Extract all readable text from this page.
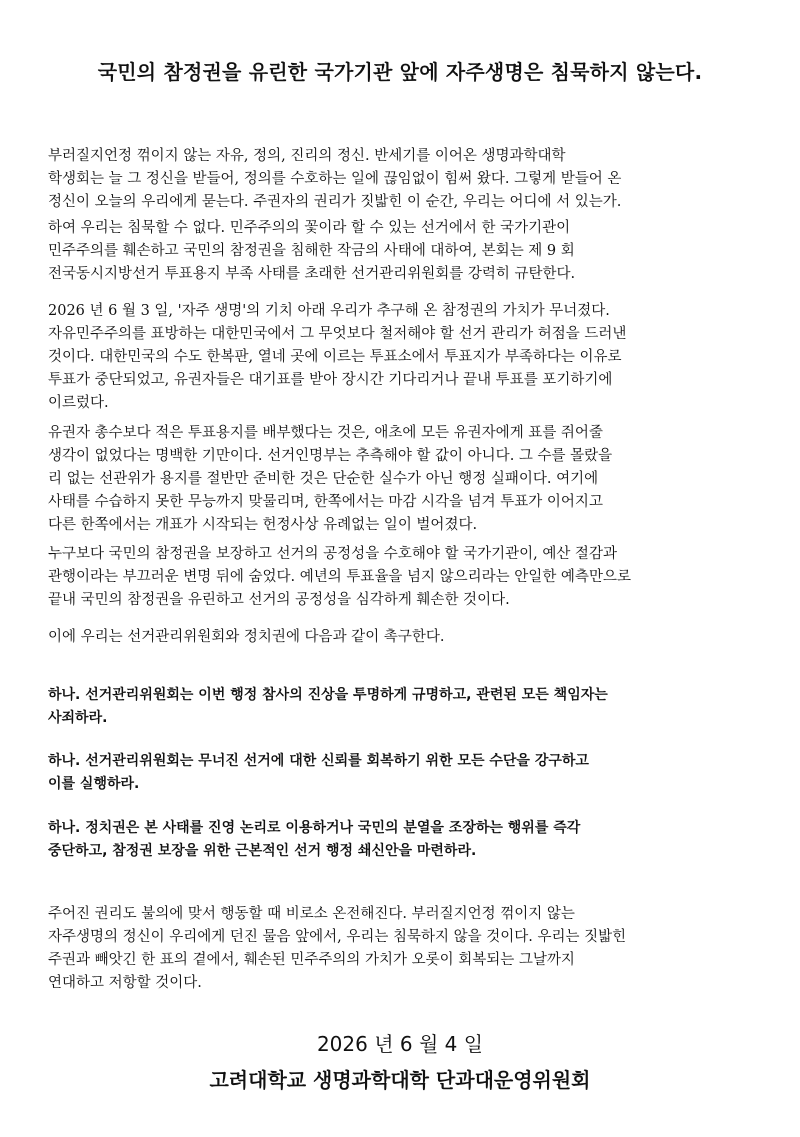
국민의 참정권을 유린한 국가기관 앞에 자주생명은 침묵하지 않는다.
부러질지언정 꺾이지 않는 자유, 정의, 진리의 정신. 반세기를 이어온 생명과학대학
학생회는 늘 그 정신을 받들어, 정의를 수호하는 일에 끊임없이 힘써 왔다. 그렇게 받들어 온
정신이 오늘의 우리에게 묻는다. 주권자의 권리가 짓밟힌 이 순간, 우리는 어디에 서 있는가.
하여 우리는 침묵할 수 없다. 민주주의의 꽃이라 할 수 있는 선거에서 한 국가기관이
민주주의를 훼손하고 국민의 참정권을 침해한 작금의 사태에 대하여, 본회는 제 9 회
전국동시지방선거 투표용지 부족 사태를 초래한 선거관리위원회를 강력히 규탄한다.
2026 년 6 월 3 일, '자주 생명'의 기치 아래 우리가 추구해 온 참정권의 가치가 무너졌다.
자유민주주의를 표방하는 대한민국에서 그 무엇보다 철저해야 할 선거 관리가 허점을 드러낸
것이다. 대한민국의 수도 한복판, 열네 곳에 이르는 투표소에서 투표지가 부족하다는 이유로
투표가 중단되었고, 유권자들은 대기표를 받아 장시간 기다리거나 끝내 투표를 포기하기에
이르렀다.
유권자 총수보다 적은 투표용지를 배부했다는 것은, 애초에 모든 유권자에게 표를 쥐어줄
생각이 없었다는 명백한 기만이다. 선거인명부는 추측해야 할 값이 아니다. 그 수를 몰랐을
리 없는 선관위가 용지를 절반만 준비한 것은 단순한 실수가 아닌 행정 실패이다. 여기에
사태를 수습하지 못한 무능까지 맞물리며, 한쪽에서는 마감 시각을 넘겨 투표가 이어지고
다른 한쪽에서는 개표가 시작되는 헌정사상 유례없는 일이 벌어졌다.
누구보다 국민의 참정권을 보장하고 선거의 공정성을 수호해야 할 국가기관이, 예산 절감과
관행이라는 부끄러운 변명 뒤에 숨었다. 예년의 투표율을 넘지 않으리라는 안일한 예측만으로
끝내 국민의 참정권을 유린하고 선거의 공정성을 심각하게 훼손한 것이다.
이에 우리는 선거관리위원회와 정치권에 다음과 같이 촉구한다.
하나. 선거관리위원회는 이번 행정 참사의 진상을 투명하게 규명하고, 관련된 모든 책임자는
사죄하라.
하나. 선거관리위원회는 무너진 선거에 대한 신뢰를 회복하기 위한 모든 수단을 강구하고
이를 실행하라.
하나. 정치권은 본 사태를 진영 논리로 이용하거나 국민의 분열을 조장하는 행위를 즉각
중단하고, 참정권 보장을 위한 근본적인 선거 행정 쇄신안을 마련하라.
주어진 권리도 불의에 맞서 행동할 때 비로소 온전해진다. 부러질지언정 꺾이지 않는
자주생명의 정신이 우리에게 던진 물음 앞에서, 우리는 침묵하지 않을 것이다. 우리는 짓밟힌
주권과 빼앗긴 한 표의 곁에서, 훼손된 민주주의의 가치가 오롯이 회복되는 그날까지
연대하고 저항할 것이다.
2026 년 6 월 4 일
고려대학교 생명과학대학 단과대운영위원회
